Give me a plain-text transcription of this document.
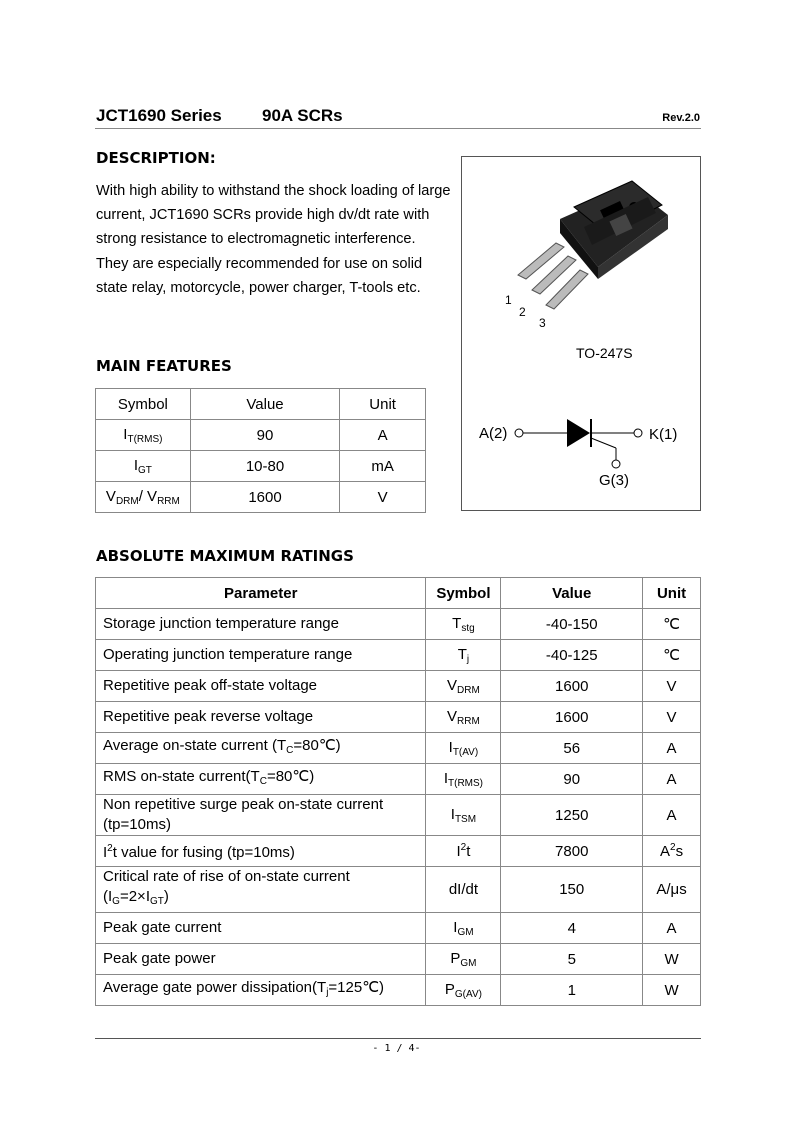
JCT1690 Series 90A SCRs	Rev.2.0
DESCRIPTION:
With high ability to withstand the shock loading of large current, JCT1690 SCRs provide high dv/dt rate with strong resistance to electromagnetic interference. They are especially recommended for use on solid state relay, motorcycle, power charger, T-tools etc.
1
2
3
TO-247S
A(2)	K(1)
G(3)
MAIN FEATURES
Symbol	Value	Unit
$I_{T(RMS)}$	90	A
$I_{GT}$	10-80	mA
$V_{DRM}/$ $V_{RRM}$	1600	V
ABSOLUTE MAXIMUM RATINGS
Parameter	Symbol	Value	Unit
Storage junction temperature range	$T_{stg}$	-40-150	℃
Operating junction temperature range	$T_j$	-40-125	℃
Repetitive peak off-state voltage	$V_{DRM}$	1600	V
Repetitive peak reverse voltage	$V_{RRM}$	1600	V
Average on-state current $(T_C=80℃)$	$I_{T(AV)}$	56	A
RMS on-state $current(T_C=80℃)$	$I_{T(RMS)}$	90	A

Non repetitive surge peak on-state current
(tp=10ms)	$I_{TSM}$	1250	A
$I^2t$ value for fusing (tp=10ms)	$I^2t$	7800	$A^2s$

Critical rate of rise of on-state current
$(I_G=2\times I_{GT})$	dI/dt	150	A/μs
Peak gate current	$I_{GM}$	4	A
Peak gate power	$P_{GM}$	5	W
Average gate power $dissipation(T_j=125℃)$	$P_{G(AV)}$	1	W
- 1 / 4-
